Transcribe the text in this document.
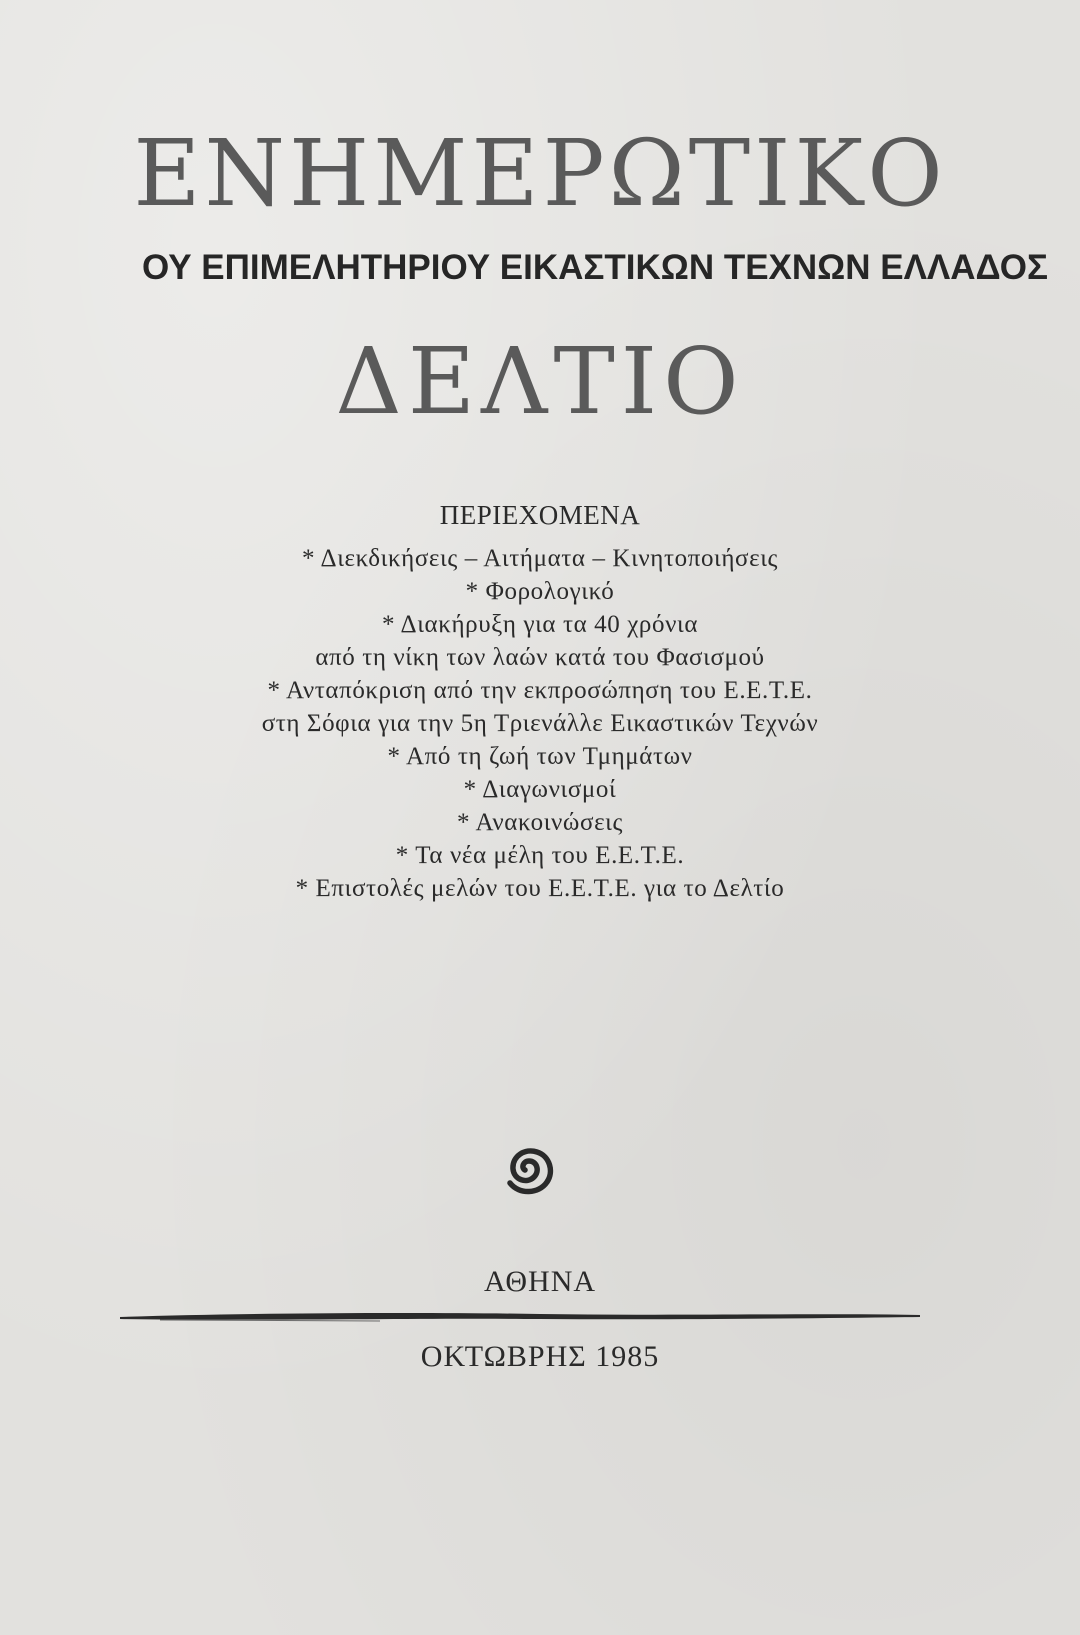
ΕΝΗΜΕΡΩΤΙΚΟ
ΟΥ ΕΠΙΜΕΛΗΤΗΡΙΟΥ ΕΙΚΑΣΤΙΚΩΝ ΤΕΧΝΩΝ ΕΛΛΑΔΟΣ
ΔΕΛΤΙΟ
ΠΕΡΙΕΧΟΜΕΝΑ
* Διεκδικήσεις – Αιτήματα – Κινητοποιήσεις
* Φορολογικό
* Διακήρυξη για τα 40 χρόνια
από τη νίκη των λαών κατά του Φασισμού
* Ανταπόκριση από την εκπροσώπηση του Ε.Ε.Τ.Ε.
στη Σόφια για την 5η Τριενάλλε Εικαστικών Τεχνών
* Από τη ζωή των Τμημάτων
* Διαγωνισμοί
* Ανακοινώσεις
* Τα νέα μέλη του Ε.Ε.Τ.Ε.
* Επιστολές μελών του Ε.Ε.Τ.Ε. για το Δελτίο
ΑΘΗΝΑ
ΟΚΤΩΒΡΗΣ 1985
